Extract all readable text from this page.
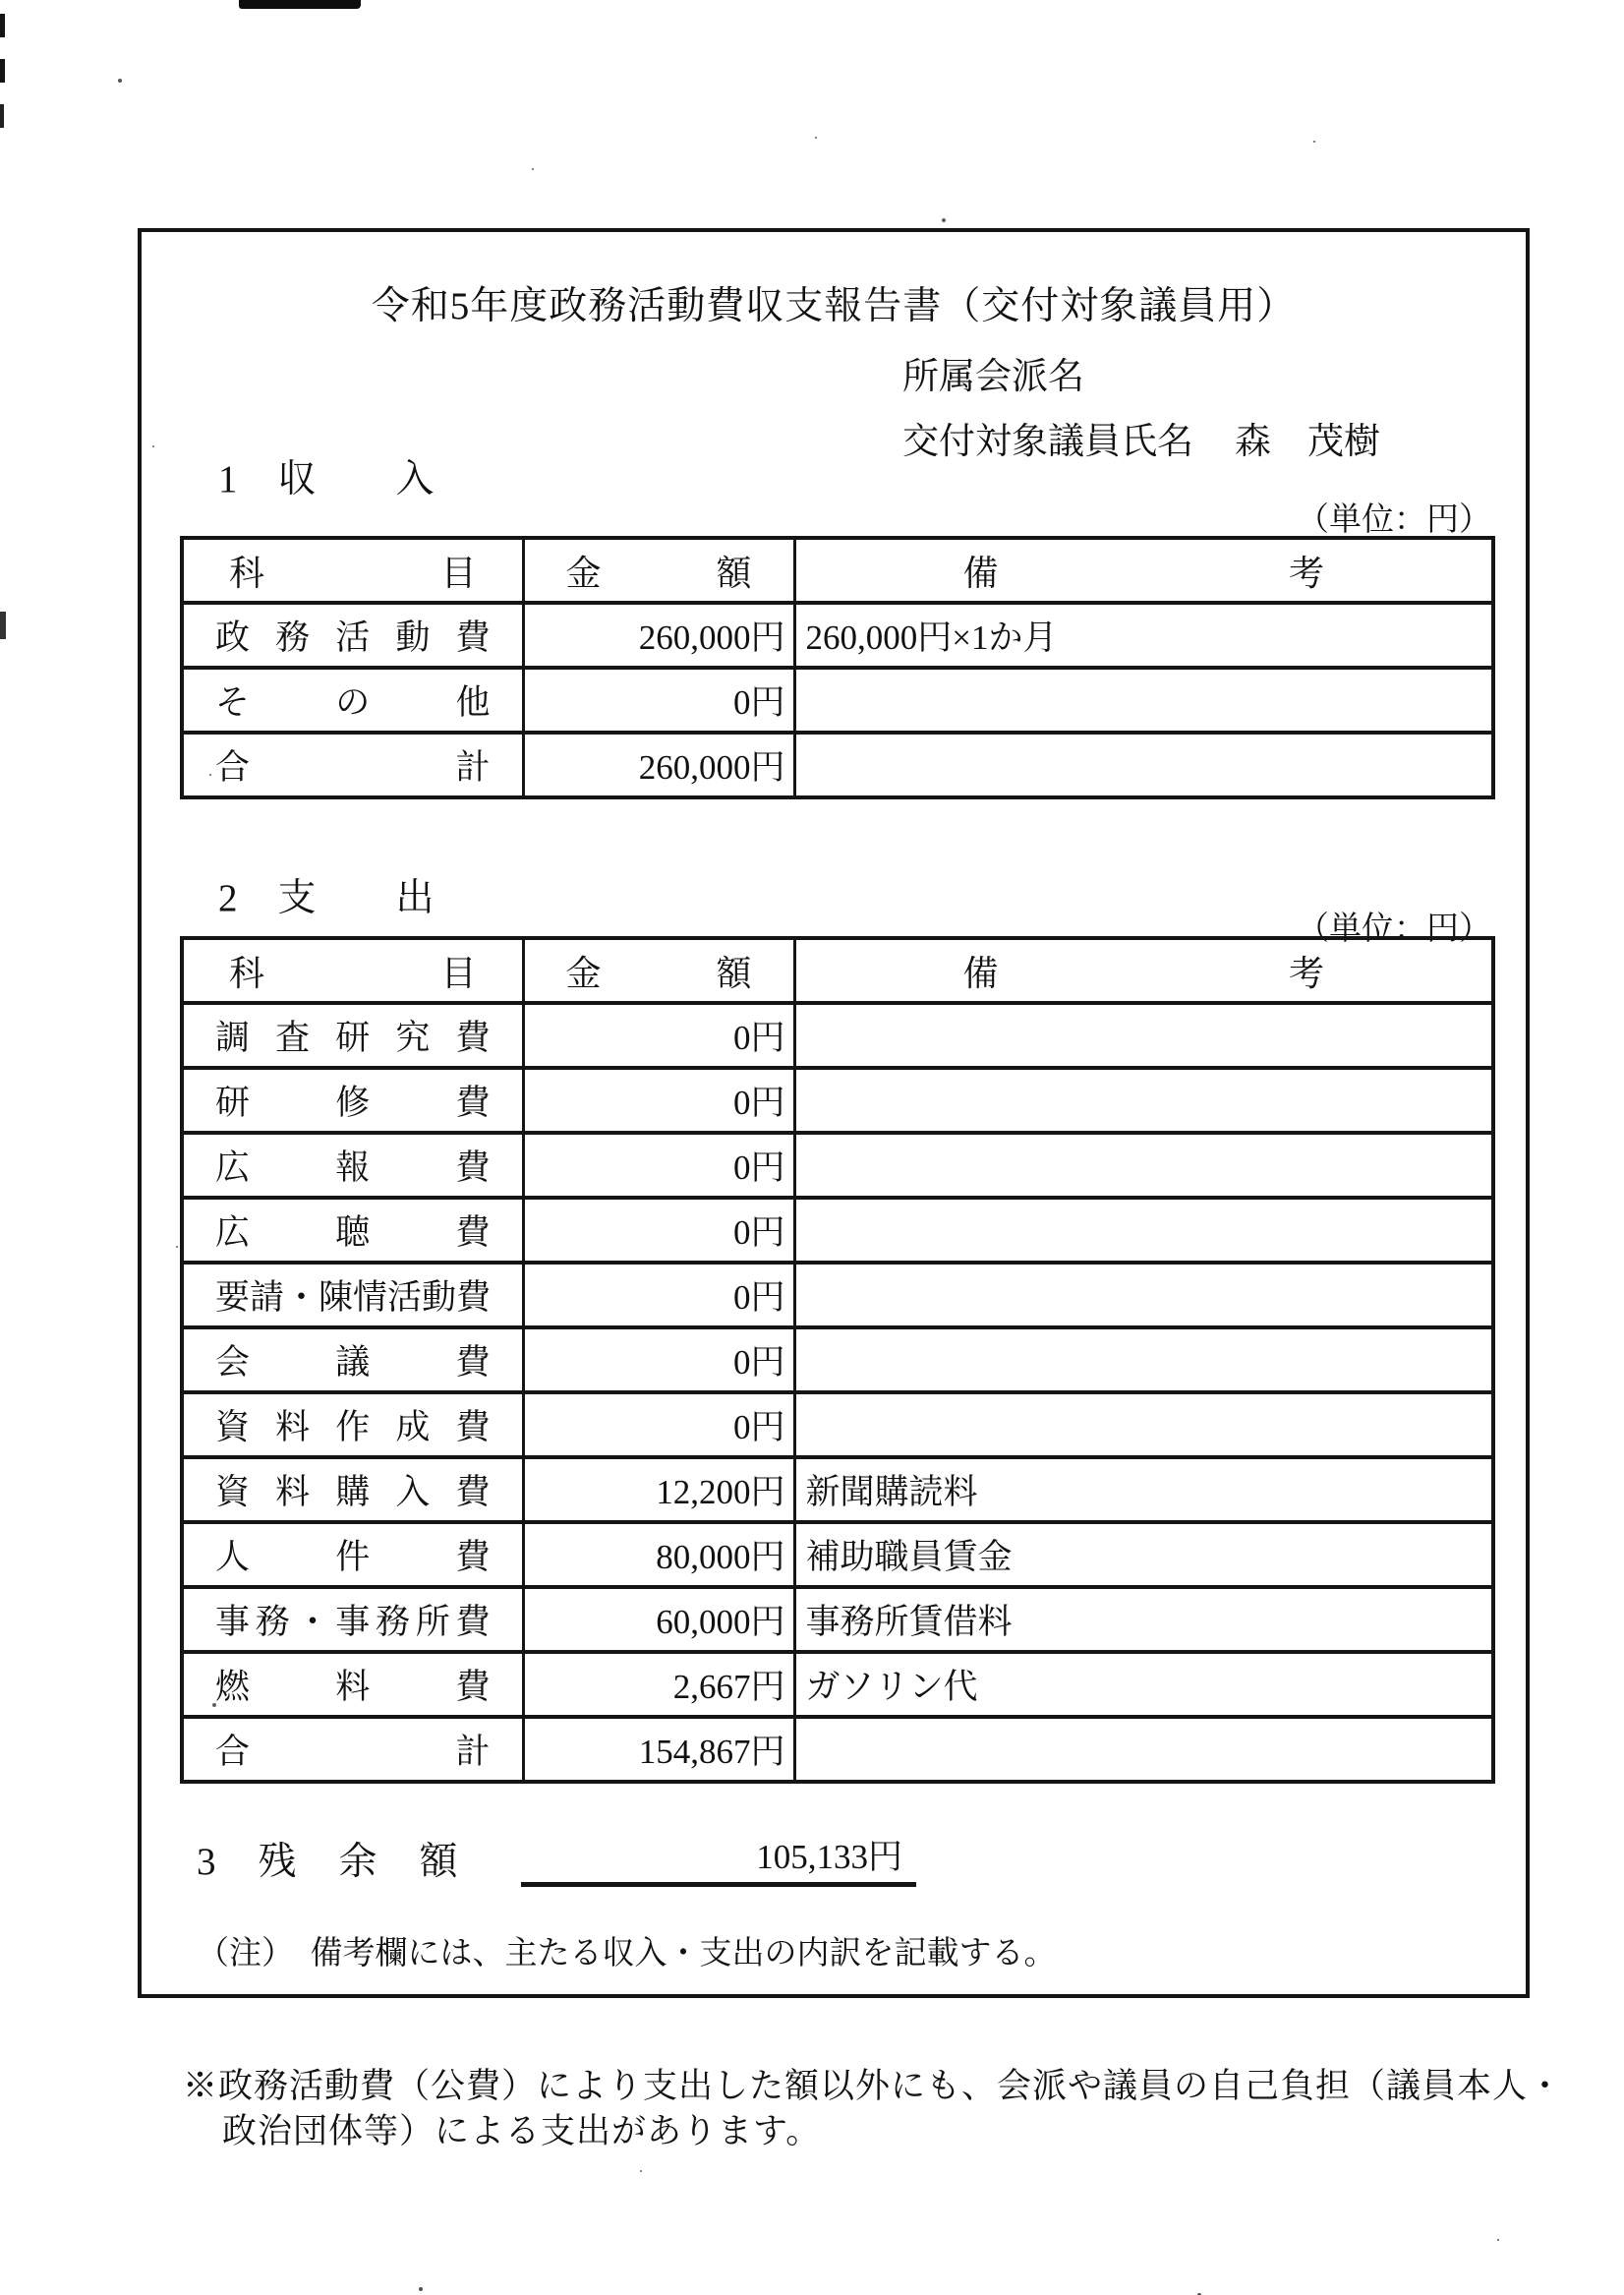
令和5年度政務活動費収支報告書（交付対象議員用）
所属会派名
交付対象議員氏名 森　茂樹
1　収　　入
（単位：円）
科目	金額	備考
政務活動費	260,000円	260,000円×1か月
その他	0円	
合計	260,000円	
2　支　　出
（単位：円）
科目	金額	備考
調査研究費	0円	
研修費	0円	
広報費	0円	
広聴費	0円	
要請・陳情活動費	0円	
会議費	0円	
資料作成費	0円	
資料購入費	12,200円	新聞購読料
人件費	80,000円	補助職員賃金
事務・事務所費	60,000円	事務所賃借料
燃料費	2,667円	ガソリン代
合計	154,867円	
3　残　余　額	105,133円
（注）　備考欄には、主たる収入・支出の内訳を記載する。
※政務活動費（公費）により支出した額以外にも、会派や議員の自己負担（議員本人・
政治団体等）による支出があります。
